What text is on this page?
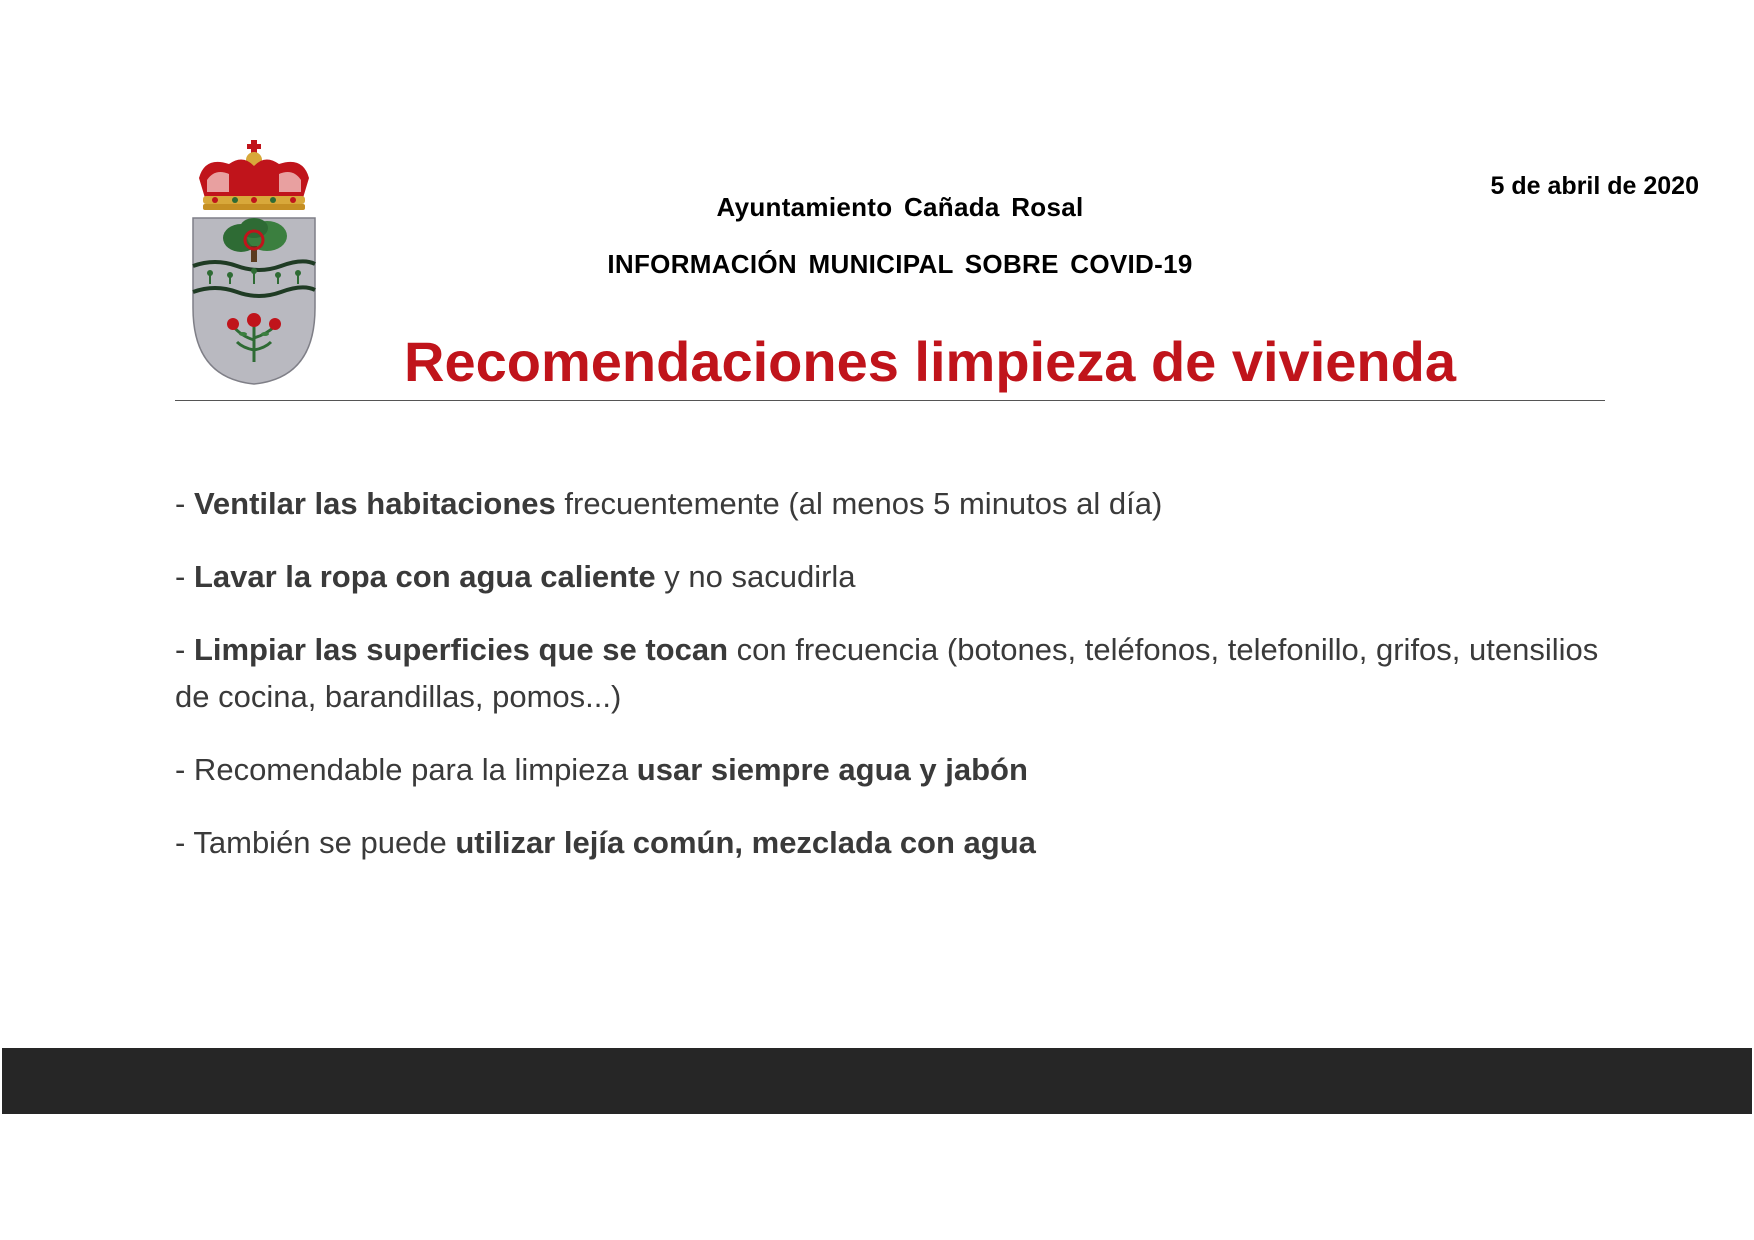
Ayuntamiento Cañada Rosal
INFORMACIÓN MUNICIPAL SOBRE COVID-19
5 de abril de 2020
Recomendaciones limpieza de vivienda
- Ventilar las habitaciones frecuentemente (al menos 5 minutos al día)
- Lavar la ropa con agua caliente y no sacudirla
- Limpiar las superficies que se tocan con frecuencia (botones, teléfonos, telefonillo, grifos, utensilios de cocina, barandillas, pomos...)
- Recomendable para la limpieza usar siempre agua y jabón
- También se puede utilizar lejía común, mezclada con agua
